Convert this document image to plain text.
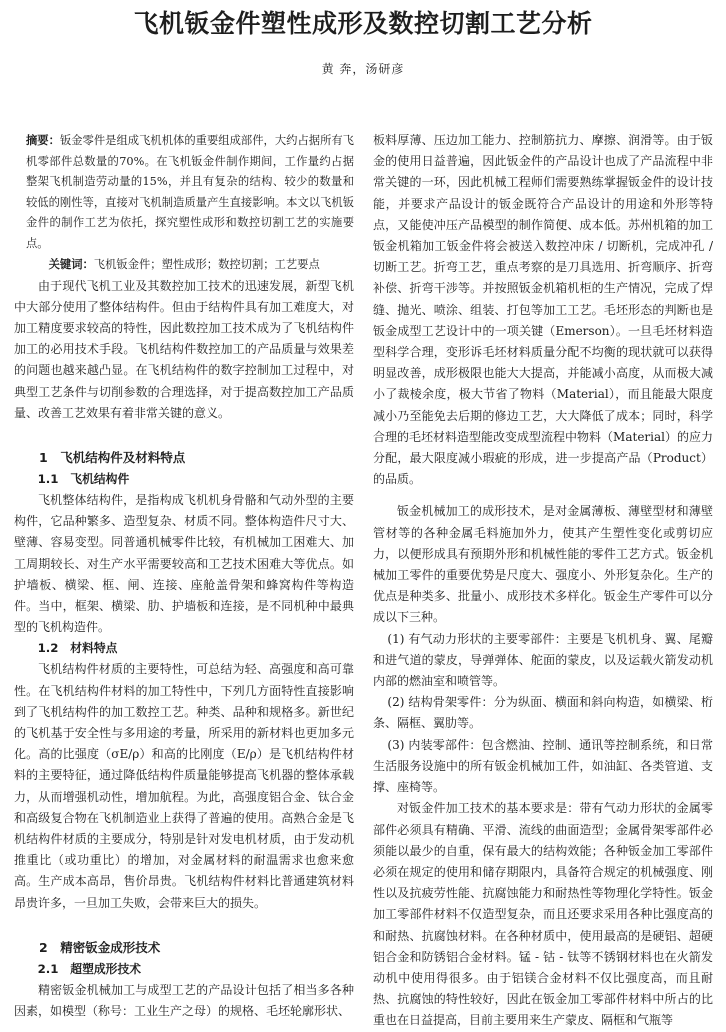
飞机钣金件塑性成形及数控切割工艺分析
黄 奔，汤研彦

摘要：钣金零件是组成飞机机体的重要组成部件，大约占据所有飞机零部件总数量的70%。在飞机钣金件制作期间，工作量约占据整架飞机制造劳动量的15%，并且有复杂的结构、较少的数量和较低的刚性等，直接对飞机制造质量产生直接影响。本文以飞机钣金件的制作工艺为依托，探究塑性成形和数控切割工艺的实施要点。

关键词：飞机钣金件；塑性成形；数控切割；工艺要点

由于现代飞机工业及其数控加工技术的迅速发展，新型飞机中大部分使用了整体结构件。但由于结构件具有加工难度大，对加工精度要求较高的特性，因此数控加工技术成为了飞机结构件加工的必用技术手段。飞机结构件数控加工的产品质量与效果差的问题也越来越凸显。在飞机结构件的数字控制加工过程中，对典型工艺条件与切削参数的合理选择，对于提高数控加工产品质量、改善工艺效果有着非常关键的意义。

1　飞机结构件及材料特点

1.1　飞机结构件

飞机整体结构件，是指构成飞机机身骨骼和气动外型的主要构件，它品种繁多、造型复杂、材质不同。整体构造件尺寸大、壁薄、容易变型。同普通机械零件比较，有机械加工困难大、加工周期较长、对生产水平需要较高和工艺技术困难大等优点。如护墙板、横梁、框、闸、连接、座舱盖骨架和蜂窝构件等构造件。当中，框架、横梁、肋、护墙板和连接，是不同机种中最典型的飞机构造件。

1.2　材料特点

飞机结构件材质的主要特性，可总结为轻、高强度和高可靠性。在飞机结构件材料的加工特性中，下列几方面特性直接影响到了飞机结构件的加工数控工艺。种类、品种和规格多。新世纪的飞机基于安全性与多用途的考量，所采用的新材料也更加多元化。高的比强度（σE/ρ）和高的比刚度（E/ρ）是飞机结构件材料的主要特征，通过降低结构件质量能够提高飞机器的整体承载力，从而增强机动性，增加航程。为此，高强度铝合金、钛合金和高级复合物在飞机制造业上获得了普遍的使用。高熟合金是飞机结构件材质的主要成分，特别是针对发电机材质，由于发动机推重比（或功重比）的增加，对金属材料的耐温需求也愈来愈高。生产成本高昂，售价昂贵。飞机结构件材料比普通建筑材料昂贵许多，一旦加工失败，会带来巨大的损失。

2　精密钣金成形技术

2.1　超塑成形技术

精密钣金机械加工与成型工艺的产品设计包括了相当多各种因素，如模型（称号：工业生产之母）的规格、毛坯轮廓形状、

板料厚薄、压边加工能力、控制筋抗力、摩擦、润滑等。由于钣金的使用日益普遍，因此钣金件的产品设计也成了产品流程中非常关键的一环，因此机械工程师们需要熟练掌握钣金件的设计技能，并要求产品设计的钣金既符合产品设计的用途和外形等特点，又能使冲压产品模型的制作简便、成本低。苏州机箱的加工钣金机箱加工钣金件将会被送入数控冲床 / 切断机，完成冲孔 / 切断工艺。折弯工艺，重点考察的是刀具选用、折弯顺序、折弯补偿、折弯干涉等。并按照钣金机箱机柜的生产情况，完成了焊缝、抛光、喷涂、组装、打包等加工工艺。毛坯形态的判断也是钣金成型工艺设计中的一项关键（Emerson）。一旦毛坯材料造型科学合理，变形诉毛坯材料质量分配不均衡的现状就可以获得明显改善，成形极限也能大大提高，并能减小高度，从而极大减小了裁棱余度，极大节省了物料（Material），而且能最大限度减小乃至能免去后期的修边工艺，大大降低了成本；同时，科学合理的毛坯材料造型能改变成型流程中物料（Material）的应力分配，最大限度减小瑕疵的形成，进一步提高产品（Product）的品质。

钣金机械加工的成形技术，是对金属薄板、薄壁型材和薄壁管材等的各种金属毛料施加外力，使其产生塑性变化或剪切应力，以便形成具有预期外形和机械性能的零件工艺方式。钣金机械加工零件的重要优势是尺度大、强度小、外形复杂化。生产的优点是种类多、批量小、成形技术多样化。钣金生产零件可以分成以下三种。

(1) 有气动力形状的主要零部件：主要是飞机机身、翼、尾瓣和进气道的蒙皮，导弹弹体、舵面的蒙皮，以及运载火箭发动机内部的燃油室和喷管等。

(2) 结构骨架零件：分为纵面、横面和斜向构造，如横梁、桁条、隔框、翼肋等。

(3) 内装零部件：包含燃油、控制、通讯等控制系统，和日常生活服务设施中的所有钣金机械加工件，如油缸、各类管道、支撑、座椅等。

对钣金件加工技术的基本要求是：带有气动力形状的金属零部件必须具有精确、平滑、流线的曲面造型；金属骨架零部件必须能以最少的自重，保有最大的结构效能；各种钣金加工零部件必须在规定的使用和储存期限内，具备符合规定的机械强度、刚性以及抗疲劳性能、抗腐蚀能力和耐热性等物理化学特性。钣金加工零部件材料不仅造型复杂，而且还要求采用各种比强度高的和耐热、抗腐蚀材料。在各种材质中，使用最高的是硬铝、超硬铝合金和防锈铝合金材料。锰 - 钴 - 钛等不锈钢材料也在火箭发动机中使用得很多。由于铝镁合金材料不仅比强度高，而且耐热、抗腐蚀的特性较好，因此在钣金加工零部件材料中所占的比重也在日益提高，目前主要用来生产蒙皮、隔框和气瓶等
